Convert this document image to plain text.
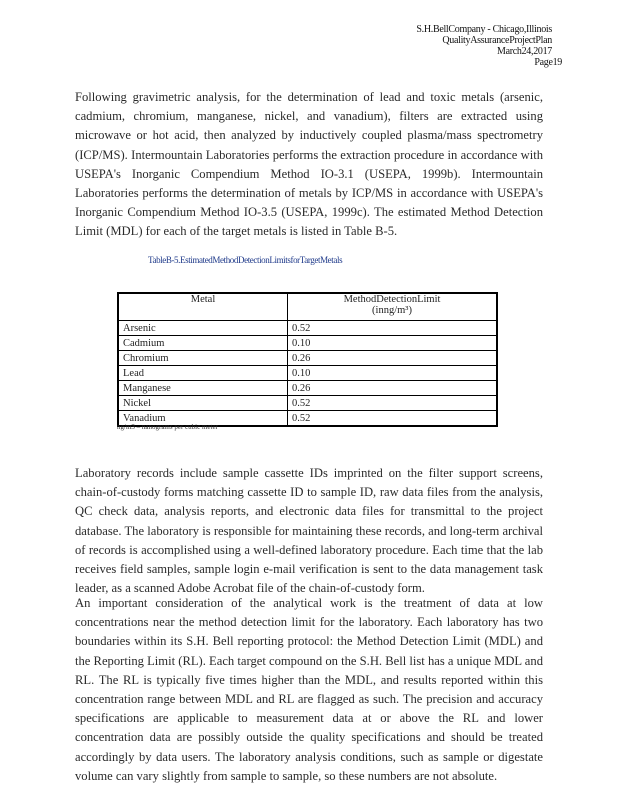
S.H.BellCompany - Chicago,Illinois
QualityAssuranceProjectPlan
March24,2017
Page19
Following gravimetric analysis, for the determination of lead and toxic metals (arsenic, cadmium, chromium, manganese, nickel, and vanadium), filters are extracted using microwave or hot acid, then analyzed by inductively coupled plasma/mass spectrometry (ICP/MS). Intermountain Laboratories performs the extraction procedure in accordance with USEPA's Inorganic Compendium Method IO-3.1 (USEPA, 1999b). Intermountain Laboratories performs the determination of metals by ICP/MS in accordance with USEPA's Inorganic Compendium Method IO-3.5 (USEPA, 1999c). The estimated Method Detection Limit (MDL) for each of the target metals is listed in Table B-5.
TableB-5.EstimatedMethodDetectionLimitsforTargetMetals
Metal	MethodDetectionLimit
(inng/m³)
Arsenic	0.52
Cadmium	0.10
Chromium	0.26
Lead	0.10
Manganese	0.26
Nickel	0.52
Vanadium	0.52
ng/m3 – nanograms per cubic meter
Laboratory records include sample cassette IDs imprinted on the filter support screens, chain-of-custody forms matching cassette ID to sample ID, raw data files from the analysis, QC check data, analysis reports, and electronic data files for transmittal to the project database. The laboratory is responsible for maintaining these records, and long-term archival of records is accomplished using a well-defined laboratory procedure. Each time that the lab receives field samples, sample login e-mail verification is sent to the data management task leader, as a scanned Adobe Acrobat file of the chain-of-custody form.
An important consideration of the analytical work is the treatment of data at low concentrations near the method detection limit for the laboratory. Each laboratory has two boundaries within its S.H. Bell reporting protocol: the Method Detection Limit (MDL) and the Reporting Limit (RL). Each target compound on the S.H. Bell list has a unique MDL and RL. The RL is typically five times higher than the MDL, and results reported within this concentration range between MDL and RL are flagged as such. The precision and accuracy specifications are applicable to measurement data at or above the RL and lower concentration data are possibly outside the quality specifications and should be treated accordingly by data users. The laboratory analysis conditions, such as sample or digestate volume can vary slightly from sample to sample, so these numbers are not absolute.
